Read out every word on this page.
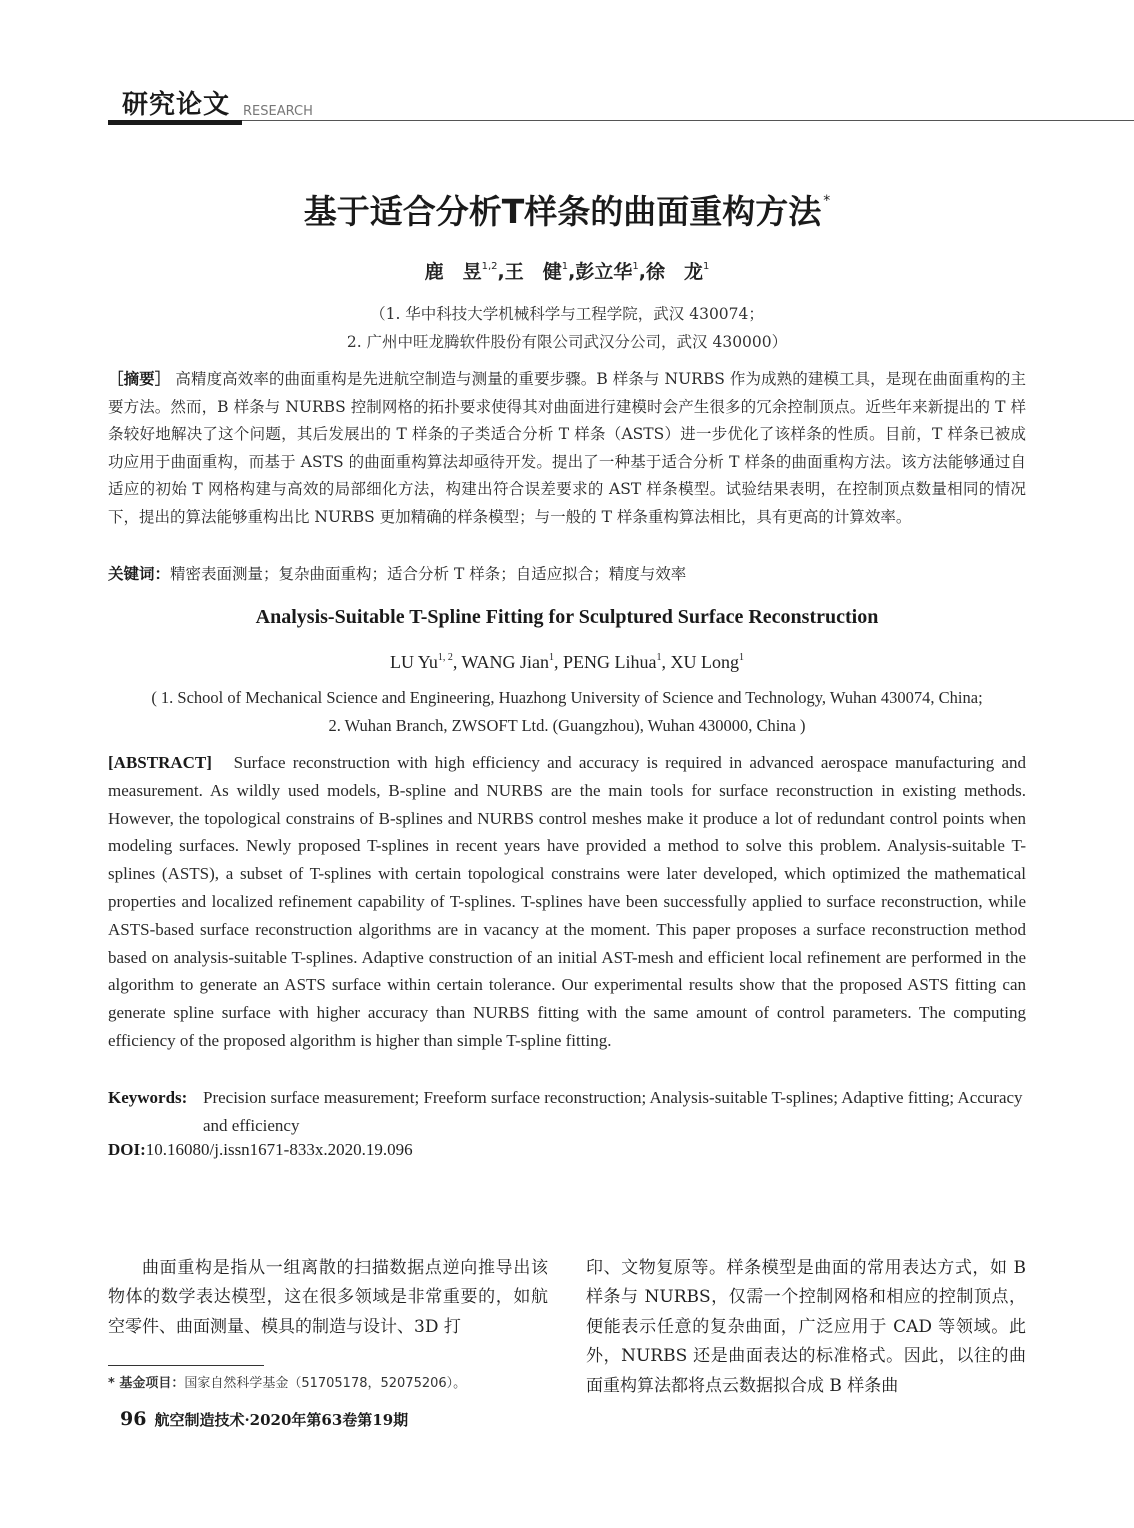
研究论文 RESEARCH
基于适合分析T样条的曲面重构方法 *
鹿　昱$^{1,2}$,王　健$^1$,彭立华$^1$,徐　龙$^1$
（1. 华中科技大学机械科学与工程学院，武汉 430074；
2. 广州中旺龙腾软件股份有限公司武汉分公司，武汉 430000）
［摘要］ 高精度高效率的曲面重构是先进航空制造与测量的重要步骤。B 样条与 NURBS 作为成熟的建模工具，是现在曲面重构的主要方法。然而，B 样条与 NURBS 控制网格的拓扑要求使得其对曲面进行建模时会产生很多的冗余控制顶点。近些年来新提出的 T 样条较好地解决了这个问题，其后发展出的 T 样条的子类适合分析 T 样条（ASTS）进一步优化了该样条的性质。目前，T 样条已被成功应用于曲面重构，而基于 ASTS 的曲面重构算法却亟待开发。提出了一种基于适合分析 T 样条的曲面重构方法。该方法能够通过自适应的初始 T 网格构建与高效的局部细化方法，构建出符合误差要求的 AST 样条模型。试验结果表明，在控制顶点数量相同的情况下，提出的算法能够重构出比 NURBS 更加精确的样条模型；与一般的 T 样条重构算法相比，具有更高的计算效率。
关键词：精密表面测量；复杂曲面重构；适合分析 T 样条；自适应拟合；精度与效率
Analysis-Suitable T-Spline Fitting for Sculptured Surface Reconstruction
LU Yu$^{1, 2}$, WANG Jian$^1$, PENG Lihua$^1$, XU Long$^1$
( 1. School of Mechanical Science and Engineering, Huazhong University of Science and Technology, Wuhan 430074, China;
2. Wuhan Branch, ZWSOFT Ltd. (Guangzhou), Wuhan 430000, China )
[ABSTRACT] Surface reconstruction with high efficiency and accuracy is required in advanced aerospace manufacturing and measurement. As wildly used models, B-spline and NURBS are the main tools for surface reconstruction in existing methods. However, the topological constrains of B-splines and NURBS control meshes make it produce a lot of redundant control points when modeling surfaces. Newly proposed T-splines in recent years have provided a method to solve this problem. Analysis-suitable T-splines (ASTS), a subset of T-splines with certain topological constrains were later developed, which optimized the mathematical properties and localized refinement capability of T-splines. T-splines have been successfully applied to surface reconstruction, while ASTS-based surface reconstruction algorithms are in vacancy at the moment. This paper proposes a surface reconstruction method based on analysis-suitable T-splines. Adaptive construction of an initial AST-mesh and efficient local refinement are performed in the algorithm to generate an ASTS surface within certain tolerance. Our experimental results show that the proposed ASTS fitting can generate spline surface with higher accuracy than NURBS fitting with the same amount of control parameters. The computing efficiency of the proposed algorithm is higher than simple T-spline fitting.
Keywords: Precision surface measurement; Freeform surface reconstruction; Analysis-suitable T-splines; Adaptive fitting; Accuracy and efficiency
DOI:10.16080/j.issn1671-833x.2020.19.096
曲面重构是指从一组离散的扫描数据点逆向推导出该物体的数学表达模型，这在很多领域是非常重要的，如航空零件、曲面测量、模具的制造与设计、3D 打
印、文物复原等。样条模型是曲面的常用表达方式，如 B 样条与 NURBS，仅需一个控制网格和相应的控制顶点，便能表示任意的复杂曲面，广泛应用于 CAD 等领域。此外，NURBS 还是曲面表达的标准格式。因此，以往的曲面重构算法都将点云数据拟合成 B 样条曲
* 基金项目：国家自然科学基金（51705178，52075206）。
96 航空制造技术·2020年第63卷第19期
